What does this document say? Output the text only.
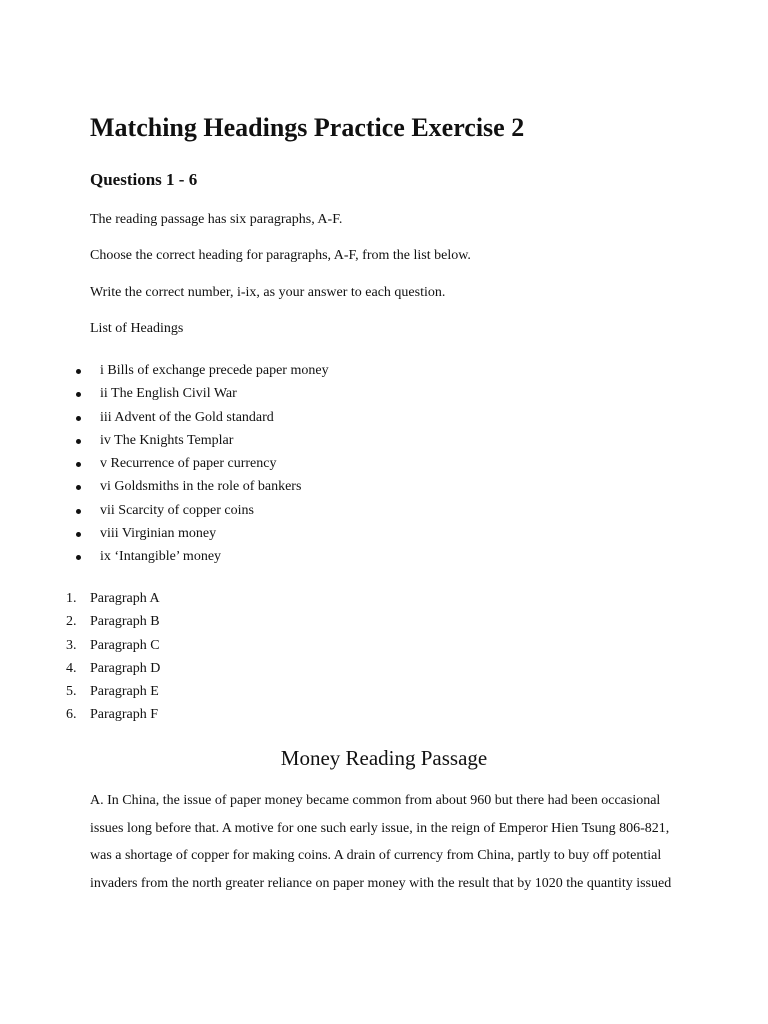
Matching Headings Practice Exercise 2
Questions 1 - 6

The reading passage has six paragraphs, A-F.

Choose the correct heading for paragraphs, A-F, from the list below.

Write the correct number, i-ix, as your answer to each question.

List of Headings

i Bills of exchange precede paper money
ii The English Civil War
iii Advent of the Gold standard
iv The Knights Templar
v Recurrence of paper currency
vi Goldsmiths in the role of bankers
vii Scarcity of copper coins
viii Virginian money
ix ‘Intangible’ money
1. Paragraph A
2. Paragraph B
3. Paragraph C
4. Paragraph D
5. Paragraph E
6. Paragraph F
Money Reading Passage
A. In China, the issue of paper money became common from about 960 but there had been occasional
issues long before that. A motive for one such early issue, in the reign of Emperor Hien Tsung 806-821,
was a shortage of copper for making coins. A drain of currency from China, partly to buy off potential
invaders from the north greater reliance on paper money with the result that by 1020 the quantity issued
